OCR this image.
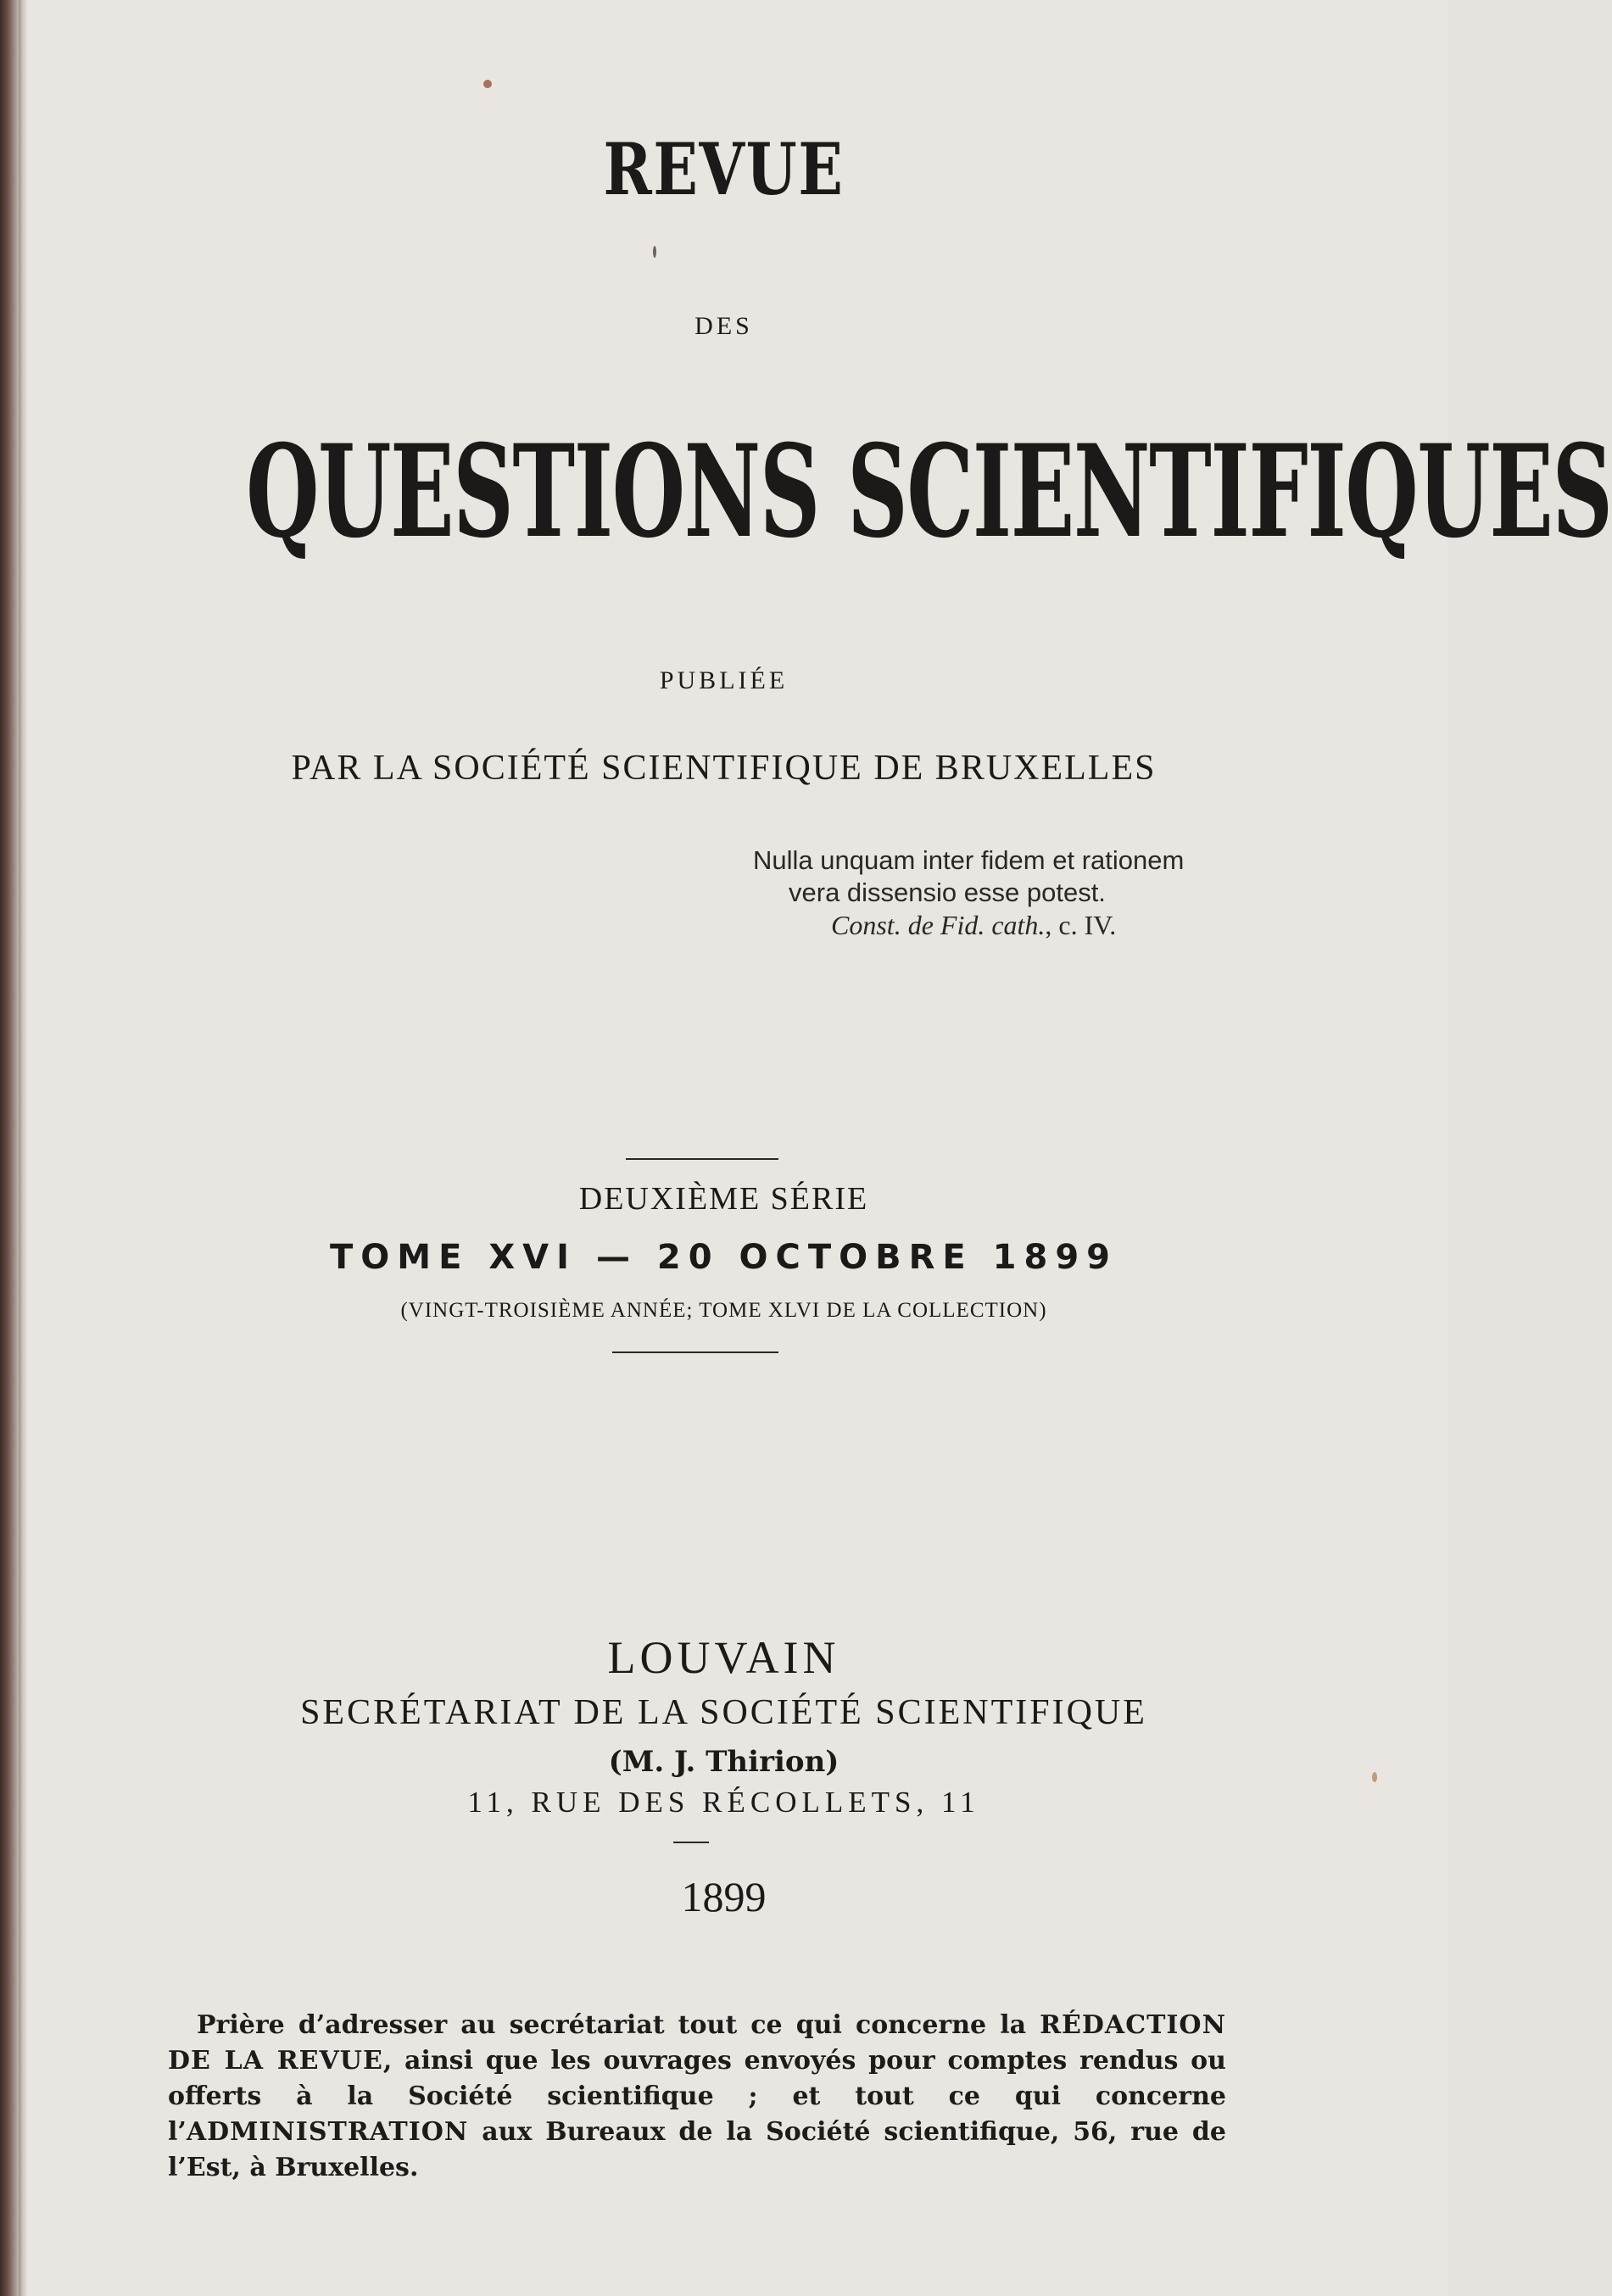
REVUE
DES
QUESTIONS SCIENTIFIQUES
PUBLIÉE
PAR LA SOCIÉTÉ SCIENTIFIQUE DE BRUXELLES
Nulla unquam inter fidem et rationem
vera dissensio esse potest.
Const. de Fid. cath., c. IV.
DEUXIÈME SÉRIE
TOME XVI — 20 OCTOBRE 1899
(VINGT-TROISIÈME ANNÉE; TOME XLVI DE LA COLLECTION)
LOUVAIN
SECRÉTARIAT DE LA SOCIÉTÉ SCIENTIFIQUE
(M. J. Thirion)
11, RUE DES RÉCOLLETS, 11
1899

Prière d’adresser au secrétariat tout ce qui concerne la RÉDACTION DE LA REVUE, ainsi que les ouvrages envoyés pour comptes rendus ou offerts à la Société scientifique ; et tout ce qui concerne l’ADMINISTRATION aux Bureaux de la Société scientifique, 56, rue de l’Est, à Bruxelles.
